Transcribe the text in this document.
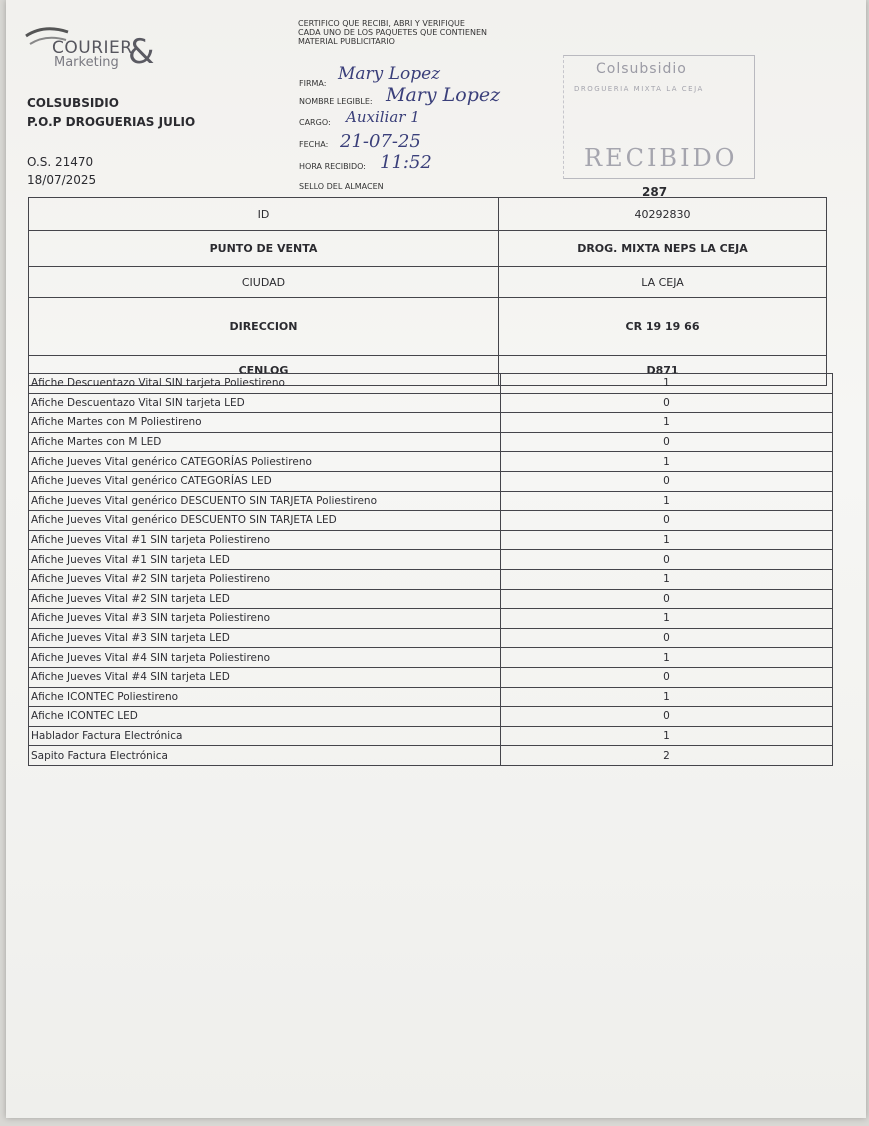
COURIER
Marketing &
COLSUBSIDIO
P.O.P DROGUERIAS JULIO
O.S. 21470
18/07/2025
CERTIFICO QUE RECIBI, ABRI Y VERIFIQUE CADA UNO DE LOS PAQUETES QUE CONTIENEN MATERIAL PUBLICITARIO
FIRMA: Mary Lopez
NOMBRE LEGIBLE: Mary Lopez
CARGO: Auxiliar 1
FECHA: 21-07-25
HORA RECIBIDO: 11:52
SELLO DEL ALMACEN
Colsubsidio
DROGUERIA MIXTA LA CEJA
RECIBIDO
287
ID	40292830
PUNTO DE VENTA	DROG. MIXTA NEPS LA CEJA
CIUDAD	LA CEJA
DIRECCION	CR 19 19 66
CENLOG	D871
Afiche Descuentazo Vital SIN tarjeta Poliestireno	1
Afiche Descuentazo Vital SIN tarjeta LED	0
Afiche Martes con M Poliestireno	1
Afiche Martes con M LED	0
Afiche Jueves Vital genérico CATEGORÍAS Poliestireno	1
Afiche Jueves Vital genérico CATEGORÍAS LED	0
Afiche Jueves Vital genérico DESCUENTO SIN TARJETA Poliestireno	1
Afiche Jueves Vital genérico DESCUENTO SIN TARJETA LED	0
Afiche Jueves Vital #1 SIN tarjeta Poliestireno	1
Afiche Jueves Vital #1 SIN tarjeta LED	0
Afiche Jueves Vital #2 SIN tarjeta Poliestireno	1
Afiche Jueves Vital #2 SIN tarjeta LED	0
Afiche Jueves Vital #3 SIN tarjeta Poliestireno	1
Afiche Jueves Vital #3 SIN tarjeta LED	0
Afiche Jueves Vital #4 SIN tarjeta Poliestireno	1
Afiche Jueves Vital #4 SIN tarjeta LED	0
Afiche ICONTEC Poliestireno	1
Afiche ICONTEC LED	0
Hablador Factura Electrónica	1
Sapito Factura Electrónica	2
